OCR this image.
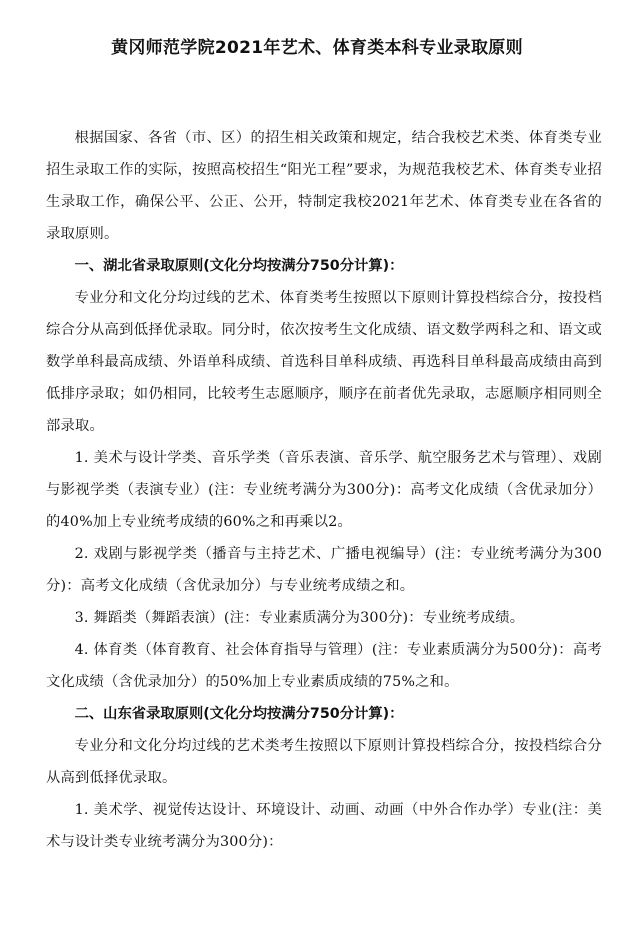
黄冈师范学院2021年艺术、体育类本科专业录取原则

根据国家、各省（市、区）的招生相关政策和规定，结合我校艺术类、体育类专业招生录取工作的实际，按照高校招生“阳光工程”要求，为规范我校艺术、体育类专业招生录取工作，确保公平、公正、公开，特制定我校2021年艺术、体育类专业在各省的录取原则。

一、湖北省录取原则(文化分均按满分750分计算)：

专业分和文化分均过线的艺术、体育类考生按照以下原则计算投档综合分，按投档综合分从高到低择优录取。同分时，依次按考生文化成绩、语文数学两科之和、语文或数学单科最高成绩、外语单科成绩、首选科目单科成绩、再选科目单科最高成绩由高到低排序录取；如仍相同，比较考生志愿顺序，顺序在前者优先录取，志愿顺序相同则全部录取。

1. 美术与设计学类、音乐学类（音乐表演、音乐学、航空服务艺术与管理）、戏剧与影视学类（表演专业）(注：专业统考满分为300分)：高考文化成绩（含优录加分）的40%加上专业统考成绩的60%之和再乘以2。

2. 戏剧与影视学类（播音与主持艺术、广播电视编导）(注：专业统考满分为300分)：高考文化成绩（含优录加分）与专业统考成绩之和。

3. 舞蹈类（舞蹈表演）(注：专业素质满分为300分)：专业统考成绩。

4. 体育类（体育教育、社会体育指导与管理）(注：专业素质满分为500分)：高考文化成绩（含优录加分）的50%加上专业素质成绩的75%之和。

二、山东省录取原则(文化分均按满分750分计算)：

专业分和文化分均过线的艺术类考生按照以下原则计算投档综合分，按投档综合分从高到低择优录取。

1. 美术学、视觉传达设计、环境设计、动画、动画（中外合作办学）专业(注：美术与设计类专业统考满分为300分)：
